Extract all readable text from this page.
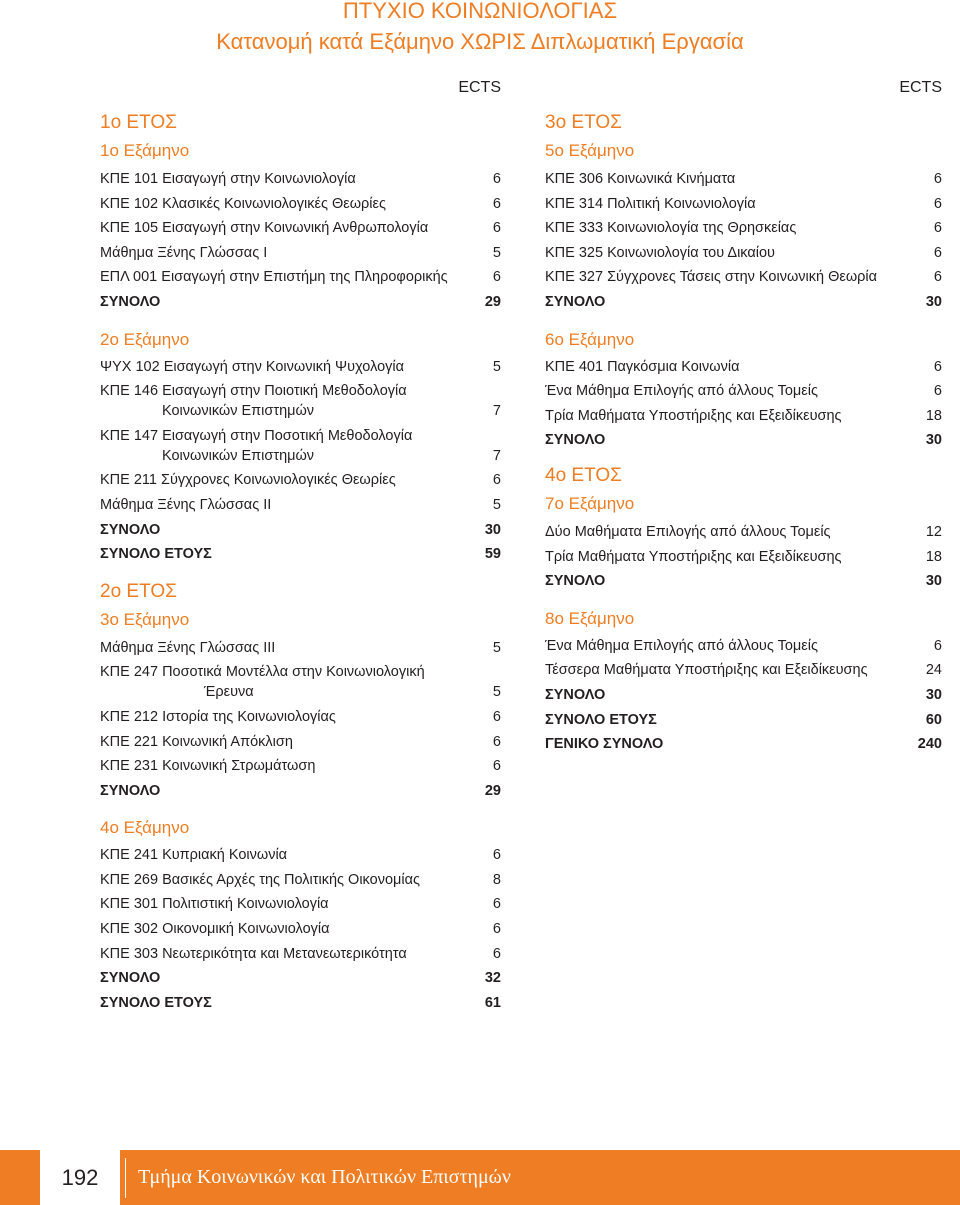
ΠΤΥΧΙΟ ΚΟΙΝΩΝΙΟΛΟΓΙΑΣ
Κατανομή κατά Εξάμηνο ΧΩΡΙΣ Διπλωματική Εργασία
ECTS
1ο ΕΤΟΣ
1ο Εξάμηνο
ΚΠΕ 101 Εισαγωγή στην Κοινωνιολογία	6
ΚΠΕ 102 Κλασικές Κοινωνιολογικές Θεωρίες	6
ΚΠΕ 105 Εισαγωγή στην Κοινωνική Ανθρωπολογία	6
Μάθημα Ξένης Γλώσσας Ι	5
ΕΠΛ 001 Εισαγωγή στην Επιστήμη της Πληροφορικής	6
ΣΥΝΟΛΟ	29
2ο Εξάμηνο
ΨΥΧ 102 Εισαγωγή στην Κοινωνική Ψυχολογία	5
ΚΠΕ 146 Εισαγωγή στην Ποιοτική Μεθοδολογία
Κοινωνικών Επιστημών	7
ΚΠΕ 147 Εισαγωγή στην Ποσοτική Μεθοδολογία
Κοινωνικών Επιστημών	7
ΚΠΕ 211 Σύγχρονες Κοινωνιολογικές Θεωρίες	6
Μάθημα Ξένης Γλώσσας ΙΙ	5
ΣΥΝΟΛΟ	30
ΣΥΝΟΛΟ ΕΤΟΥΣ	59
2ο ΕΤΟΣ
3ο Εξάμηνο
Μάθημα Ξένης Γλώσσας ΙΙΙ	5
ΚΠΕ 247 Ποσοτικά Μοντέλλα στην Κοινωνιολογική
Έρευνα	5
ΚΠΕ 212 Ιστορία της Κοινωνιολογίας	6
ΚΠΕ 221 Κοινωνική Απόκλιση	6
ΚΠΕ 231 Κοινωνική Στρωμάτωση	6
ΣΥΝΟΛΟ	29
4ο Εξάμηνο
ΚΠΕ 241 Κυπριακή Κοινωνία	6
ΚΠΕ 269 Βασικές Αρχές της Πολιτικής Οικονομίας	8
ΚΠΕ 301 Πολιτιστική Κοινωνιολογία	6
ΚΠΕ 302 Οικονομική Κοινωνιολογία	6
ΚΠΕ 303 Νεωτερικότητα και Μετανεωτερικότητα	6
ΣΥΝΟΛΟ	32
ΣΥΝΟΛΟ ΕΤΟΥΣ	61
ECTS
3ο ΕΤΟΣ
5ο Εξάμηνο
ΚΠΕ 306 Κοινωνικά Κινήματα	6
ΚΠΕ 314 Πολιτική Κοινωνιολογία	6
ΚΠΕ 333 Κοινωνιολογία της Θρησκείας	6
ΚΠΕ 325 Κοινωνιολογία του Δικαίου	6
ΚΠΕ 327 Σύγχρονες Τάσεις στην Κοινωνική Θεωρία	6
ΣΥΝΟΛΟ	30
6ο Εξάμηνο
ΚΠΕ 401 Παγκόσμια Κοινωνία	6
Ένα Μάθημα Επιλογής από άλλους Τομείς	6
Τρία Μαθήματα Υποστήριξης και Εξειδίκευσης	18
ΣΥΝΟΛΟ	30
4ο ΕΤΟΣ
7ο Εξάμηνο
Δύο Μαθήματα Επιλογής από άλλους Τομείς	12
Τρία Μαθήματα Υποστήριξης και Εξειδίκευσης	18
ΣΥΝΟΛΟ	30
8ο Εξάμηνο
Ένα Μάθημα Επιλογής από άλλους Τομείς	6
Τέσσερα Μαθήματα Υποστήριξης και Εξειδίκευσης	24
ΣΥΝΟΛΟ	30
ΣΥΝΟΛΟ ΕΤΟΥΣ	60
ΓΕΝΙΚΟ ΣΥΝΟΛΟ	240
192	Τμήμα Κοινωνικών και Πολιτικών Επιστημών
